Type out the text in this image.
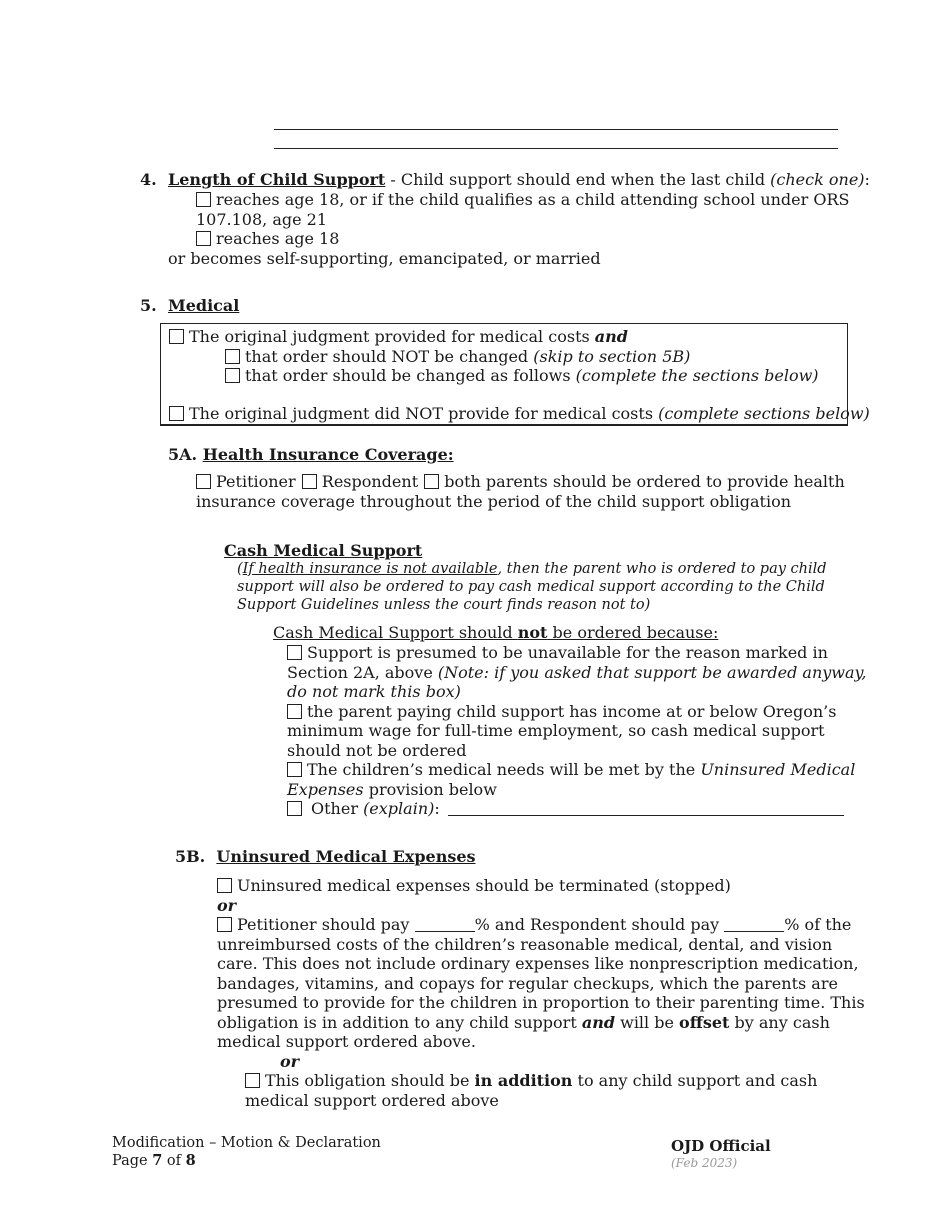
4. Length of Child Support - Child support should end when the last child (check one):
reaches age 18, or if the child qualifies as a child attending school under ORS
107.108, age 21
reaches age 18
or becomes self-supporting, emancipated, or married
5. Medical
The original judgment provided for medical costs and
that order should NOT be changed (skip to section 5B)
that order should be changed as follows (complete the sections below)
The original judgment did NOT provide for medical costs (complete sections below)
5A. Health Insurance Coverage:
Petitioner Respondent both parents should be ordered to provide health
insurance coverage throughout the period of the child support obligation
Cash Medical Support
(If health insurance is not available, then the parent who is ordered to pay child
support will also be ordered to pay cash medical support according to the Child
Support Guidelines unless the court finds reason not to)
Cash Medical Support should not be ordered because:
Support is presumed to be unavailable for the reason marked in
Section 2A, above (Note: if you asked that support be awarded anyway,
do not mark this box)
the parent paying child support has income at or below Oregon’s
minimum wage for full-time employment, so cash medical support
should not be ordered
The children’s medical needs will be met by the Uninsured Medical
Expenses provision below
Other (explain):
5B. Uninsured Medical Expenses
Uninsured medical expenses should be terminated (stopped)
or
Petitioner should pay	% and Respondent should pay	% of the
unreimbursed costs of the children’s reasonable medical, dental, and vision
care. This does not include ordinary expenses like nonprescription medication,
bandages, vitamins, and copays for regular checkups, which the parents are
presumed to provide for the children in proportion to their parenting time. This
obligation is in addition to any child support and will be offset by any cash
medical support ordered above.
or
This obligation should be in addition to any child support and cash
medical support ordered above
Modification – Motion & Declaration
Page 7 of 8
OJD Official
(Feb 2023)
